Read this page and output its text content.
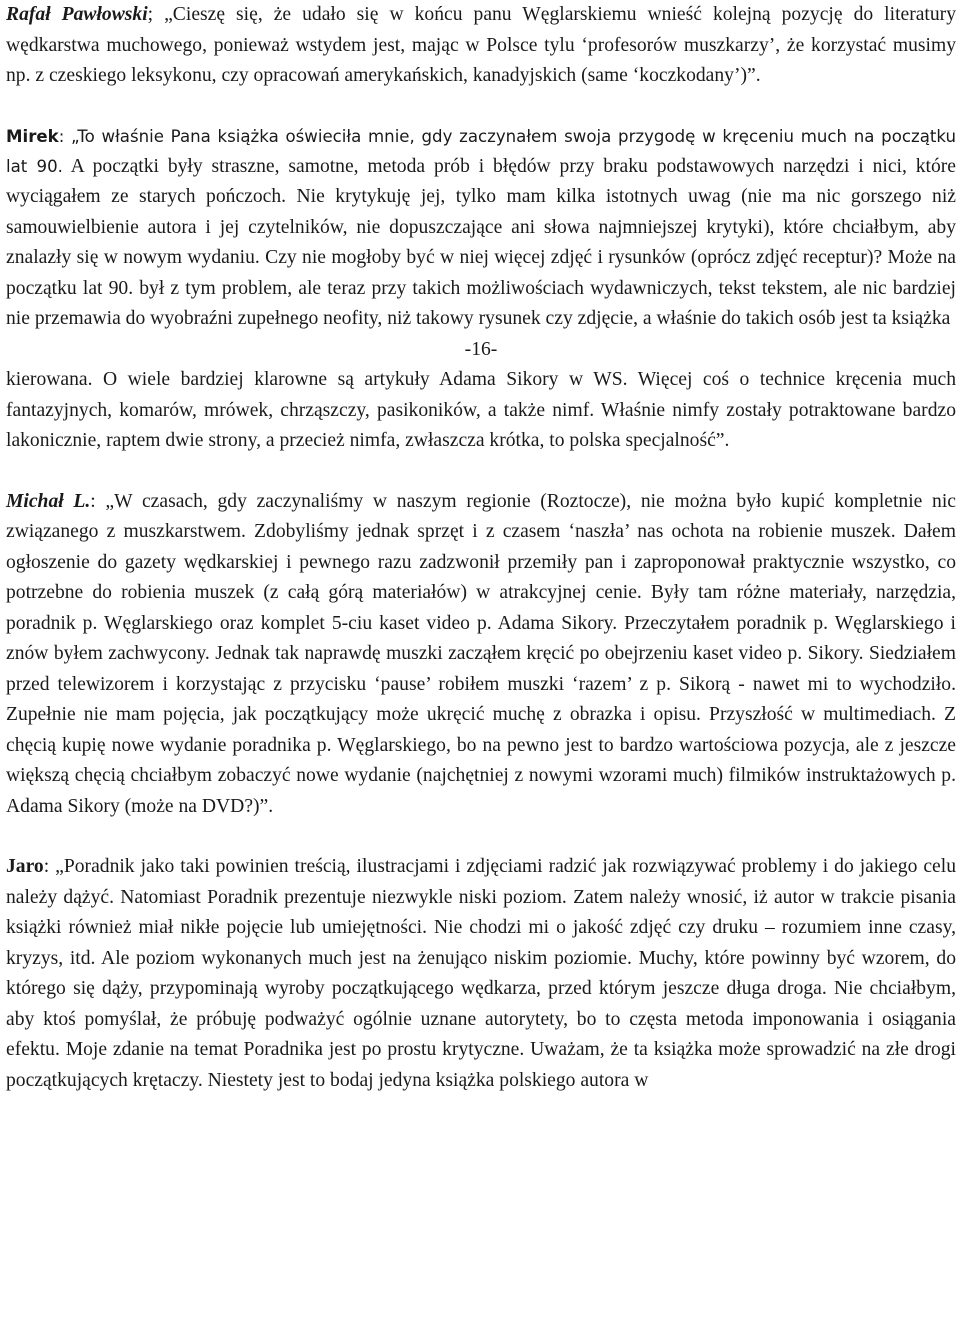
Rafał Pawłowski; „Cieszę się, że udało się w końcu panu Węglarskiemu wnieść kolejną pozycję do literatury wędkarstwa muchowego, ponieważ wstydem jest, mając w Polsce tylu ‘profesorów muszkarzy’, że korzystać musimy np. z czeskiego leksykonu, czy opracowań amerykańskich, kanadyjskich (same ‘koczkodany’)”.

Mirek: „To właśnie Pana książka oświeciła mnie, gdy zaczynałem swoja przygodę w kręceniu much na początku lat 90. A początki były straszne, samotne, metoda prób i błędów przy braku podstawowych narzędzi i nici, które wyciągałem ze starych pończoch. Nie krytykuję jej, tylko mam kilka istotnych uwag (nie ma nic gorszego niż samouwielbienie autora i jej czytelników, nie dopuszczające ani słowa najmniejszej krytyki), które chciałbym, aby znalazły się w nowym wydaniu. Czy nie mogłoby być w niej więcej zdjęć i rysunków (oprócz zdjęć receptur)? Może na początku lat 90. był z tym problem, ale teraz przy takich możliwościach wydawniczych, tekst tekstem, ale nic bardziej nie przemawia do wyobraźni zupełnego neofity, niż takowy rysunek czy zdjęcie, a właśnie do takich osób jest ta książka

-16-

kierowana. O wiele bardziej klarowne są artykuły Adama Sikory w WS. Więcej coś o technice kręcenia much fantazyjnych, komarów, mrówek, chrząszczy, pasikoników, a także nimf. Właśnie nimfy zostały potraktowane bardzo lakonicznie, raptem dwie strony, a przecież nimfa, zwłaszcza krótka, to polska specjalność”.

Michał L.: „W czasach, gdy zaczynaliśmy w naszym regionie (Roztocze), nie można było kupić kompletnie nic związanego z muszkarstwem. Zdobyliśmy jednak sprzęt i z czasem ‘naszła’ nas ochota na robienie muszek. Dałem ogłoszenie do gazety wędkarskiej i pewnego razu zadzwonił przemiły pan i zaproponował praktycznie wszystko, co potrzebne do robienia muszek (z całą górą materiałów) w atrakcyjnej cenie. Były tam różne materiały, narzędzia, poradnik p. Węglarskiego oraz komplet 5-ciu kaset video p. Adama Sikory. Przeczytałem poradnik p. Węglarskiego i znów byłem zachwycony. Jednak tak naprawdę muszki zacząłem kręcić po obejrzeniu kaset video p. Sikory. Siedziałem przed telewizorem i korzystając z przycisku ‘pause’ robiłem muszki ‘razem’ z p. Sikorą - nawet mi to wychodziło. Zupełnie nie mam pojęcia, jak początkujący może ukręcić muchę z obrazka i opisu. Przyszłość w multimediach. Z chęcią kupię nowe wydanie poradnika p. Węglarskiego, bo na pewno jest to bardzo wartościowa pozycja, ale z jeszcze większą chęcią chciałbym zobaczyć nowe wydanie (najchętniej z nowymi wzorami much) filmików instruktażowych p. Adama Sikory (może na DVD?)”.

Jaro: „Poradnik jako taki powinien treścią, ilustracjami i zdjęciami radzić jak rozwiązywać problemy i do jakiego celu należy dążyć. Natomiast Poradnik prezentuje niezwykle niski poziom. Zatem należy wnosić, iż autor w trakcie pisania książki również miał nikłe pojęcie lub umiejętności. Nie chodzi mi o jakość zdjęć czy druku – rozumiem inne czasy, kryzys, itd. Ale poziom wykonanych much jest na żenująco niskim poziomie. Muchy, które powinny być wzorem, do którego się dąży, przypominają wyroby początkującego wędkarza, przed którym jeszcze długa droga. Nie chciałbym, aby ktoś pomyślał, że próbuję podważyć ogólnie uznane autorytety, bo to częsta metoda imponowania i osiągania efektu. Moje zdanie na temat Poradnika jest po prostu krytyczne. Uważam, że ta książka może sprowadzić na złe drogi początkujących krętaczy. Niestety jest to bodaj jedyna książka polskiego autora w
